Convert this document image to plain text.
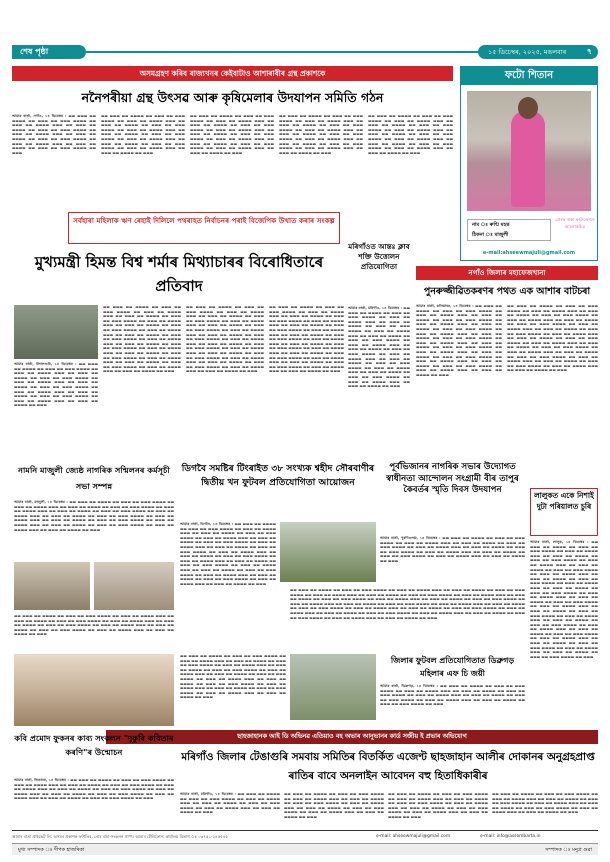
শেষ পৃষ্ঠা	১৫ ডিচেম্বৰ, ২০২৫, মঙলবাৰ	৭
অসমগ্ৰহণ কৰিব ৰাজ্যখনৰ কেইবাটাও আশাৰাবীৰ গ্ৰন্থ প্ৰকাশকে
ননৈপৰীয়া গ্ৰন্থ উৎসৱ আৰু কৃষিমেলাৰ উদযাপন সমিতি গঠন
আমাৰ বাৰ্তা, নগাঁও, ১৪ ডিচেম্বৰ : ▬▬ ▬▬▬ ▬▬ ▬▬▬▬ ▬▬ ▬▬▬ ▬▬ ▬▬▬ ▬▬▬▬ ▬▬ ▬▬▬ ▬▬ ▬▬▬▬ ▬▬▬ ▬▬ ▬▬▬ ▬▬ ▬▬▬▬ ▬▬ ▬▬▬ ▬▬ ▬▬▬ ▬▬▬▬ ▬▬ ▬▬▬ ▬▬ ▬▬▬▬ ▬▬▬ ▬▬ ▬▬▬ ▬▬ ▬▬▬▬ ▬▬ ▬▬▬ ▬▬ ▬▬▬ ▬▬▬▬ ▬▬ ▬▬▬ ▬▬ ▬▬▬▬ ▬▬▬ ▬▬ ▬▬▬ ▬▬ ▬▬▬▬ ▬▬ ▬▬▬ ▬▬ ▬▬▬ ▬▬▬▬ ▬▬ ▬▬▬
▬▬ ▬▬▬ ▬▬ ▬▬▬▬ ▬▬ ▬▬▬ ▬▬ ▬▬▬ ▬▬▬▬ ▬▬ ▬▬▬ ▬▬ ▬▬▬▬ ▬▬▬ ▬▬ ▬▬▬ ▬▬ ▬▬▬▬ ▬▬ ▬▬▬ ▬▬ ▬▬▬ ▬▬▬▬ ▬▬ ▬▬▬ ▬▬ ▬▬▬▬ ▬▬▬ ▬▬ ▬▬▬ ▬▬ ▬▬▬▬ ▬▬ ▬▬▬ ▬▬ ▬▬▬ ▬▬▬▬ ▬▬ ▬▬▬ ▬▬ ▬▬▬▬ ▬▬▬ ▬▬ ▬▬▬ ▬▬ ▬▬▬▬ ▬▬ ▬▬▬ ▬▬ ▬▬▬ ▬▬▬▬ ▬▬ ▬▬▬ ▬▬ ▬▬▬▬ ▬▬▬ ▬▬ ▬▬▬ ▬▬ ▬▬▬▬ ▬▬ ▬▬▬
▬▬ ▬▬▬ ▬▬ ▬▬▬▬ ▬▬ ▬▬▬ ▬▬ ▬▬▬ ▬▬▬▬ ▬▬ ▬▬▬ ▬▬ ▬▬▬▬ ▬▬▬ ▬▬ ▬▬▬ ▬▬ ▬▬▬▬ ▬▬ ▬▬▬ ▬▬ ▬▬▬ ▬▬▬▬ ▬▬ ▬▬▬ ▬▬ ▬▬▬▬ ▬▬▬ ▬▬ ▬▬▬ ▬▬ ▬▬▬▬ ▬▬ ▬▬▬ ▬▬ ▬▬▬ ▬▬▬▬ ▬▬ ▬▬▬ ▬▬ ▬▬▬▬ ▬▬▬ ▬▬ ▬▬▬ ▬▬ ▬▬▬▬ ▬▬ ▬▬▬ ▬▬ ▬▬▬ ▬▬▬▬ ▬▬ ▬▬▬ ▬▬ ▬▬▬▬ ▬▬▬ ▬▬ ▬▬▬ ▬▬ ▬▬▬▬ ▬▬ ▬▬▬
▬▬ ▬▬▬ ▬▬ ▬▬▬▬ ▬▬ ▬▬▬ ▬▬ ▬▬▬ ▬▬▬▬ ▬▬ ▬▬▬ ▬▬ ▬▬▬▬ ▬▬▬ ▬▬ ▬▬▬ ▬▬ ▬▬▬▬ ▬▬ ▬▬▬ ▬▬ ▬▬▬ ▬▬▬▬ ▬▬ ▬▬▬ ▬▬ ▬▬▬▬ ▬▬▬ ▬▬ ▬▬▬ ▬▬ ▬▬▬▬ ▬▬ ▬▬▬ ▬▬ ▬▬▬ ▬▬▬▬ ▬▬ ▬▬▬ ▬▬ ▬▬▬▬ ▬▬▬ ▬▬ ▬▬▬ ▬▬ ▬▬▬▬ ▬▬ ▬▬▬ ▬▬ ▬▬▬ ▬▬▬▬ ▬▬ ▬▬▬ ▬▬ ▬▬▬▬ ▬▬▬ ▬▬ ▬▬▬ ▬▬ ▬▬▬▬ ▬▬ ▬▬▬
▬▬ ▬▬▬ ▬▬ ▬▬▬▬ ▬▬ ▬▬▬ ▬▬ ▬▬▬ ▬▬▬▬ ▬▬ ▬▬▬ ▬▬ ▬▬▬▬ ▬▬▬ ▬▬ ▬▬▬ ▬▬ ▬▬▬▬ ▬▬ ▬▬▬ ▬▬ ▬▬▬ ▬▬▬▬ ▬▬ ▬▬▬ ▬▬ ▬▬▬▬ ▬▬▬ ▬▬ ▬▬▬ ▬▬ ▬▬▬▬ ▬▬ ▬▬▬ ▬▬ ▬▬▬ ▬▬▬▬ ▬▬ ▬▬▬ ▬▬ ▬▬▬▬ ▬▬▬ ▬▬ ▬▬▬ ▬▬ ▬▬▬▬ ▬▬ ▬▬▬ ▬▬ ▬▬▬ ▬▬▬▬ ▬▬ ▬▬▬ ▬▬ ▬▬▬▬ ▬▬▬ ▬▬ ▬▬▬ ▬▬ ▬▬▬▬ ▬▬ ▬▬▬
ফটো শিতান
নাম ঃ ৰুণ্মি মহন্ত
ঠিকনা ঃ মাজুলী
প্ৰেৰক ৰাকা ফাউণ্ডেশ্যন আলোকচিত্ৰ
e-mail:ahseewmajuli@gmail.com
সৰ্বহাৰা মহিলাক ঋণ ৰেহাই দিলিলে পথৰাহত নিৰ্বাচনৰ পৰাই বিজেপিক উখাত কৰাৰ সংকল্প
মুখ্যমন্ত্ৰী হিমন্ত বিশ্ব শৰ্মাৰ মিথ্যাচাৰৰ বিৰোধিতাৰে প্ৰতিবাদ
আমাৰ বাৰ্তা, উদালগুৰি, ১৪ ডিচেম্বৰ : ▬▬ ▬▬▬ ▬▬ ▬▬▬▬ ▬▬ ▬▬▬ ▬▬ ▬▬▬ ▬▬▬▬ ▬▬ ▬▬▬ ▬▬ ▬▬▬▬ ▬▬▬ ▬▬ ▬▬▬ ▬▬ ▬▬▬▬ ▬▬ ▬▬▬ ▬▬ ▬▬▬ ▬▬▬▬ ▬▬ ▬▬▬ ▬▬ ▬▬▬▬ ▬▬▬ ▬▬ ▬▬▬ ▬▬ ▬▬▬▬ ▬▬ ▬▬▬ ▬▬ ▬▬▬ ▬▬▬▬ ▬▬ ▬▬▬ ▬▬ ▬▬▬▬ ▬▬▬ ▬▬ ▬▬▬ ▬▬ ▬▬▬▬ ▬▬ ▬▬▬ ▬▬ ▬▬▬ ▬▬▬▬ ▬▬ ▬▬▬ ▬▬ ▬▬▬▬ ▬▬▬ ▬▬ ▬▬▬ ▬▬ ▬▬▬▬ ▬▬ ▬▬▬
▬▬ ▬▬▬ ▬▬ ▬▬▬▬ ▬▬ ▬▬▬ ▬▬ ▬▬▬ ▬▬▬▬ ▬▬ ▬▬▬ ▬▬ ▬▬▬▬ ▬▬▬ ▬▬ ▬▬▬ ▬▬ ▬▬▬▬ ▬▬ ▬▬▬ ▬▬ ▬▬▬ ▬▬▬▬ ▬▬ ▬▬▬ ▬▬ ▬▬▬▬ ▬▬▬ ▬▬ ▬▬▬ ▬▬ ▬▬▬▬ ▬▬ ▬▬▬ ▬▬ ▬▬▬ ▬▬▬▬ ▬▬ ▬▬▬ ▬▬ ▬▬▬▬ ▬▬▬ ▬▬ ▬▬▬ ▬▬ ▬▬▬▬ ▬▬ ▬▬▬ ▬▬ ▬▬▬ ▬▬▬▬ ▬▬ ▬▬▬ ▬▬ ▬▬▬▬ ▬▬▬ ▬▬ ▬▬▬ ▬▬ ▬▬▬▬ ▬▬ ▬▬▬ ▬▬ ▬▬▬ ▬▬▬▬ ▬▬ ▬▬▬ ▬▬ ▬▬▬▬ ▬▬▬ ▬▬ ▬▬▬ ▬▬ ▬▬▬▬ ▬▬ ▬▬▬ ▬▬ ▬▬▬ ▬▬▬▬ ▬▬ ▬▬▬ ▬▬ ▬▬▬▬ ▬▬▬ ▬▬ ▬▬▬ ▬▬ ▬▬▬▬ ▬▬ ▬▬▬ ▬▬ ▬▬▬ ▬▬▬▬ ▬▬ ▬▬▬ ▬▬ ▬▬▬▬ ▬▬▬ ▬▬ ▬▬▬ ▬▬ ▬▬▬▬ ▬▬ ▬▬▬
▬▬ ▬▬▬ ▬▬ ▬▬▬▬ ▬▬ ▬▬▬ ▬▬ ▬▬▬ ▬▬▬▬ ▬▬ ▬▬▬ ▬▬ ▬▬▬▬ ▬▬▬ ▬▬ ▬▬▬ ▬▬ ▬▬▬▬ ▬▬ ▬▬▬ ▬▬ ▬▬▬ ▬▬▬▬ ▬▬ ▬▬▬ ▬▬ ▬▬▬▬ ▬▬▬ ▬▬ ▬▬▬ ▬▬ ▬▬▬▬ ▬▬ ▬▬▬ ▬▬ ▬▬▬ ▬▬▬▬ ▬▬ ▬▬▬ ▬▬ ▬▬▬▬ ▬▬▬ ▬▬ ▬▬▬ ▬▬ ▬▬▬▬ ▬▬ ▬▬▬ ▬▬ ▬▬▬ ▬▬▬▬ ▬▬ ▬▬▬ ▬▬ ▬▬▬▬ ▬▬▬ ▬▬ ▬▬▬ ▬▬ ▬▬▬▬ ▬▬ ▬▬▬ ▬▬ ▬▬▬ ▬▬▬▬ ▬▬ ▬▬▬ ▬▬ ▬▬▬▬ ▬▬▬ ▬▬ ▬▬▬ ▬▬ ▬▬▬▬ ▬▬ ▬▬▬ ▬▬ ▬▬▬ ▬▬▬▬ ▬▬ ▬▬▬ ▬▬ ▬▬▬▬ ▬▬▬ ▬▬ ▬▬▬ ▬▬ ▬▬▬▬ ▬▬ ▬▬▬ ▬▬ ▬▬▬ ▬▬▬▬ ▬▬ ▬▬▬ ▬▬ ▬▬▬▬ ▬▬▬ ▬▬ ▬▬▬ ▬▬ ▬▬▬▬ ▬▬ ▬▬▬
▬▬ ▬▬▬ ▬▬ ▬▬▬▬ ▬▬ ▬▬▬ ▬▬ ▬▬▬ ▬▬▬▬ ▬▬ ▬▬▬ ▬▬ ▬▬▬▬ ▬▬▬ ▬▬ ▬▬▬ ▬▬ ▬▬▬▬ ▬▬ ▬▬▬ ▬▬ ▬▬▬ ▬▬▬▬ ▬▬ ▬▬▬ ▬▬ ▬▬▬▬ ▬▬▬ ▬▬ ▬▬▬ ▬▬ ▬▬▬▬ ▬▬ ▬▬▬ ▬▬ ▬▬▬ ▬▬▬▬ ▬▬ ▬▬▬ ▬▬ ▬▬▬▬ ▬▬▬ ▬▬ ▬▬▬ ▬▬ ▬▬▬▬ ▬▬ ▬▬▬ ▬▬ ▬▬▬ ▬▬▬▬ ▬▬ ▬▬▬ ▬▬ ▬▬▬▬ ▬▬▬ ▬▬ ▬▬▬ ▬▬ ▬▬▬▬ ▬▬ ▬▬▬ ▬▬ ▬▬▬ ▬▬▬▬ ▬▬ ▬▬▬ ▬▬ ▬▬▬▬ ▬▬▬ ▬▬ ▬▬▬ ▬▬ ▬▬▬▬ ▬▬ ▬▬▬ ▬▬ ▬▬▬ ▬▬▬▬ ▬▬ ▬▬▬ ▬▬ ▬▬▬▬ ▬▬▬ ▬▬ ▬▬▬ ▬▬ ▬▬▬▬ ▬▬ ▬▬▬ ▬▬ ▬▬▬ ▬▬▬▬ ▬▬ ▬▬▬ ▬▬ ▬▬▬▬ ▬▬▬ ▬▬ ▬▬▬ ▬▬ ▬▬▬▬ ▬▬ ▬▬▬
মৰিগাঁওত আন্তঃ ক্লাব শক্তি উত্তোলন প্ৰতিযোগিতা
আমাৰ বাৰ্তা, মৰিগাঁও, ১৪ ডিচেম্বৰ : ▬▬ ▬▬▬ ▬▬ ▬▬▬▬ ▬▬ ▬▬▬ ▬▬ ▬▬▬ ▬▬▬▬ ▬▬ ▬▬▬ ▬▬ ▬▬▬▬ ▬▬▬ ▬▬ ▬▬▬ ▬▬ ▬▬▬▬ ▬▬ ▬▬▬ ▬▬ ▬▬▬ ▬▬▬▬ ▬▬ ▬▬▬ ▬▬ ▬▬▬▬ ▬▬▬ ▬▬ ▬▬▬ ▬▬ ▬▬▬▬ ▬▬ ▬▬▬ ▬▬ ▬▬▬ ▬▬▬▬ ▬▬ ▬▬▬ ▬▬ ▬▬▬▬ ▬▬▬ ▬▬ ▬▬▬ ▬▬ ▬▬▬▬ ▬▬ ▬▬▬ ▬▬ ▬▬▬ ▬▬▬▬ ▬▬ ▬▬▬ ▬▬ ▬▬▬▬ ▬▬▬ ▬▬ ▬▬▬ ▬▬ ▬▬▬▬ ▬▬ ▬▬▬ ▬▬ ▬▬▬ ▬▬▬▬ ▬▬ ▬▬▬ ▬▬ ▬▬▬▬ ▬▬▬ ▬▬ ▬▬▬ ▬▬ ▬▬▬▬ ▬▬ ▬▬▬ ▬▬ ▬▬▬ ▬▬▬▬ ▬▬ ▬▬▬ ▬▬ ▬▬▬▬ ▬▬▬ ▬▬ ▬▬▬ ▬▬ ▬▬▬▬ ▬▬ ▬▬▬
নগাঁও জিলাৰ মহাফেজখানা
পুনৰুজ্জীৱিতকৰণৰ পথত এক আশাৰ বাটচৰা
আমাৰ বাৰ্তা, কলিয়াবৰ, ১৪ ডিচেম্বৰ : ▬▬ ▬▬▬ ▬▬ ▬▬▬▬ ▬▬ ▬▬▬ ▬▬ ▬▬▬ ▬▬▬▬ ▬▬ ▬▬▬ ▬▬ ▬▬▬▬ ▬▬▬ ▬▬ ▬▬▬ ▬▬ ▬▬▬▬ ▬▬ ▬▬▬ ▬▬ ▬▬▬ ▬▬▬▬ ▬▬ ▬▬▬ ▬▬ ▬▬▬▬ ▬▬▬ ▬▬ ▬▬▬ ▬▬ ▬▬▬▬ ▬▬ ▬▬▬ ▬▬ ▬▬▬ ▬▬▬▬ ▬▬ ▬▬▬ ▬▬ ▬▬▬▬ ▬▬▬ ▬▬ ▬▬▬ ▬▬ ▬▬▬▬ ▬▬ ▬▬▬ ▬▬ ▬▬▬ ▬▬▬▬ ▬▬ ▬▬▬ ▬▬ ▬▬▬▬ ▬▬▬ ▬▬ ▬▬▬ ▬▬ ▬▬▬▬ ▬▬ ▬▬▬ ▬▬ ▬▬▬ ▬▬▬▬ ▬▬ ▬▬▬ ▬▬ ▬▬▬▬ ▬▬▬ ▬▬ ▬▬▬ ▬▬ ▬▬▬▬ ▬▬ ▬▬▬ ▬▬ ▬▬▬ ▬▬▬▬ ▬▬ ▬▬▬ ▬▬ ▬▬▬▬ ▬▬▬ ▬▬ ▬▬▬ ▬▬ ▬▬▬▬ ▬▬ ▬▬▬ ▬▬ ▬▬▬ ▬▬▬▬ ▬▬ ▬▬▬ ▬▬ ▬▬▬▬ ▬▬▬ ▬▬ ▬▬▬ ▬▬ ▬▬▬▬ ▬▬ ▬▬▬
▬▬ ▬▬▬ ▬▬ ▬▬▬▬ ▬▬ ▬▬▬ ▬▬ ▬▬▬ ▬▬▬▬ ▬▬ ▬▬▬ ▬▬ ▬▬▬▬ ▬▬▬ ▬▬ ▬▬▬ ▬▬ ▬▬▬▬ ▬▬ ▬▬▬ ▬▬ ▬▬▬ ▬▬▬▬ ▬▬ ▬▬▬ ▬▬ ▬▬▬▬ ▬▬▬ ▬▬ ▬▬▬ ▬▬ ▬▬▬▬ ▬▬ ▬▬▬ ▬▬ ▬▬▬ ▬▬▬▬ ▬▬ ▬▬▬ ▬▬ ▬▬▬▬ ▬▬▬ ▬▬ ▬▬▬ ▬▬ ▬▬▬▬ ▬▬ ▬▬▬ ▬▬ ▬▬▬ ▬▬▬▬ ▬▬ ▬▬▬ ▬▬ ▬▬▬▬ ▬▬▬ ▬▬ ▬▬▬ ▬▬ ▬▬▬▬ ▬▬ ▬▬▬ ▬▬ ▬▬▬ ▬▬▬▬ ▬▬ ▬▬▬ ▬▬ ▬▬▬▬ ▬▬▬ ▬▬ ▬▬▬ ▬▬ ▬▬▬▬ ▬▬ ▬▬▬ ▬▬ ▬▬▬ ▬▬▬▬ ▬▬ ▬▬▬ ▬▬ ▬▬▬▬ ▬▬▬ ▬▬ ▬▬▬ ▬▬ ▬▬▬▬ ▬▬ ▬▬▬ ▬▬ ▬▬▬ ▬▬▬▬ ▬▬ ▬▬▬ ▬▬ ▬▬▬▬ ▬▬▬ ▬▬ ▬▬▬ ▬▬ ▬▬▬▬ ▬▬ ▬▬▬ ▬▬ ▬▬▬ ▬▬▬▬ ▬▬ ▬▬▬ ▬▬ ▬▬▬▬ ▬▬▬ ▬▬ ▬▬▬ ▬▬ ▬▬▬▬ ▬▬ ▬▬▬
পূৰ্বভিজানৰ নাগৰিক সভাৰ উদ্যোগত স্বাধীনতা আন্দোলন সংগ্ৰামী বীৰ তাপুৰ কৈবৰ্তৰ স্মৃতি দিবস উদযাপন
আমাৰ বাৰ্তা, পুৰণিগুদাম, ১৪ ডিচেম্বৰ : ▬▬ ▬▬▬ ▬▬ ▬▬▬▬ ▬▬ ▬▬▬ ▬▬ ▬▬▬ ▬▬▬▬ ▬▬ ▬▬▬ ▬▬ ▬▬▬▬ ▬▬▬ ▬▬ ▬▬▬ ▬▬ ▬▬▬▬ ▬▬ ▬▬▬ ▬▬ ▬▬▬ ▬▬▬▬ ▬▬ ▬▬▬ ▬▬ ▬▬▬▬ ▬▬▬ ▬▬ ▬▬▬ ▬▬ ▬▬▬▬ ▬▬ ▬▬▬ ▬▬ ▬▬▬ ▬▬▬▬ ▬▬ ▬▬▬ ▬▬ ▬▬▬▬ ▬▬▬ ▬▬ ▬▬▬ ▬▬ ▬▬▬▬ ▬▬ ▬▬▬ ▬▬ ▬▬▬ ▬▬▬▬ ▬▬ ▬▬▬ ▬▬ ▬▬▬▬ ▬▬▬ ▬▬ ▬▬▬ ▬▬ ▬▬▬▬ ▬▬ ▬▬▬
▬▬ ▬▬▬ ▬▬ ▬▬▬▬ ▬▬ ▬▬▬ ▬▬ ▬▬▬ ▬▬▬▬ ▬▬ ▬▬▬ ▬▬ ▬▬▬▬ ▬▬▬ ▬▬ ▬▬▬ ▬▬ ▬▬▬▬ ▬▬ ▬▬▬ ▬▬ ▬▬▬ ▬▬▬▬ ▬▬ ▬▬▬ ▬▬ ▬▬▬▬ ▬▬▬ ▬▬ ▬▬▬ ▬▬ ▬▬▬▬ ▬▬ ▬▬▬ ▬▬ ▬▬▬ ▬▬▬▬ ▬▬ ▬▬▬ ▬▬ ▬▬▬▬ ▬▬▬ ▬▬ ▬▬▬ ▬▬ ▬▬▬▬ ▬▬ ▬▬▬ ▬▬ ▬▬▬ ▬▬▬▬ ▬▬ ▬▬▬ ▬▬ ▬▬▬▬ ▬▬▬ ▬▬ ▬▬▬ ▬▬ ▬▬▬▬ ▬▬ ▬▬▬ ▬▬ ▬▬▬ ▬▬▬▬ ▬▬ ▬▬▬ ▬▬ ▬▬▬▬ ▬▬▬ ▬▬ ▬▬▬ ▬▬ ▬▬▬▬ ▬▬ ▬▬▬ ▬▬ ▬▬▬ ▬▬▬▬ ▬▬ ▬▬▬ ▬▬ ▬▬▬▬ ▬▬▬ ▬▬ ▬▬▬ ▬▬ ▬▬▬▬ ▬▬ ▬▬▬ ▬▬ ▬▬▬ ▬▬▬▬ ▬▬ ▬▬▬ ▬▬ ▬▬▬▬ ▬▬▬ ▬▬ ▬▬▬ ▬▬ ▬▬▬▬ ▬▬ ▬▬▬ ▬▬ ▬▬▬ ▬▬▬▬ ▬▬ ▬▬▬ ▬▬ ▬▬▬▬ ▬▬▬ ▬▬ ▬▬▬ ▬▬ ▬▬▬▬ ▬▬ ▬▬▬ ▬▬ ▬▬▬ ▬▬▬▬ ▬▬ ▬▬▬ ▬▬ ▬▬▬▬ ▬▬▬ ▬▬ ▬▬▬ ▬▬ ▬▬▬▬ ▬▬ ▬▬▬ ▬▬ ▬▬▬ ▬▬▬▬ ▬▬ ▬▬▬ ▬▬ ▬▬▬▬ ▬▬▬ ▬▬ ▬▬▬ ▬▬ ▬▬▬▬ ▬▬ ▬▬▬
লালুকত একে নিশাই দুটা পৰিয়ালত চুৰি
আমাৰ বাৰ্তা, লালুক, ১৪ ডিচেম্বৰ : ▬▬ ▬▬▬ ▬▬ ▬▬▬▬ ▬▬ ▬▬▬ ▬▬ ▬▬▬ ▬▬▬▬ ▬▬ ▬▬▬ ▬▬ ▬▬▬▬ ▬▬▬ ▬▬ ▬▬▬ ▬▬ ▬▬▬▬ ▬▬ ▬▬▬ ▬▬ ▬▬▬ ▬▬▬▬ ▬▬ ▬▬▬ ▬▬ ▬▬▬▬ ▬▬▬ ▬▬ ▬▬▬ ▬▬ ▬▬▬▬ ▬▬ ▬▬▬ ▬▬ ▬▬▬ ▬▬▬▬ ▬▬ ▬▬▬ ▬▬ ▬▬▬▬ ▬▬▬ ▬▬ ▬▬▬ ▬▬ ▬▬▬▬ ▬▬ ▬▬▬ ▬▬ ▬▬▬ ▬▬▬▬ ▬▬ ▬▬▬ ▬▬ ▬▬▬▬ ▬▬▬ ▬▬ ▬▬▬ ▬▬ ▬▬▬▬ ▬▬ ▬▬▬ ▬▬ ▬▬▬ ▬▬▬▬ ▬▬ ▬▬▬ ▬▬ ▬▬▬▬ ▬▬▬ ▬▬ ▬▬▬ ▬▬ ▬▬▬▬ ▬▬ ▬▬▬ ▬▬ ▬▬▬ ▬▬▬▬ ▬▬ ▬▬▬ ▬▬ ▬▬▬▬ ▬▬▬ ▬▬ ▬▬▬ ▬▬ ▬▬▬▬ ▬▬ ▬▬▬ ▬▬ ▬▬▬ ▬▬▬▬ ▬▬ ▬▬▬ ▬▬ ▬▬▬▬ ▬▬▬ ▬▬ ▬▬▬ ▬▬ ▬▬▬▬ ▬▬ ▬▬▬ ▬▬ ▬▬▬ ▬▬▬▬ ▬▬ ▬▬▬ ▬▬ ▬▬▬▬ ▬▬▬ ▬▬ ▬▬▬ ▬▬ ▬▬▬▬ ▬▬ ▬▬▬ ▬▬ ▬▬▬ ▬▬▬▬ ▬▬ ▬▬▬ ▬▬ ▬▬▬▬ ▬▬▬ ▬▬ ▬▬▬ ▬▬ ▬▬▬▬ ▬▬ ▬▬▬ ▬▬ ▬▬▬ ▬▬▬▬ ▬▬ ▬▬▬ ▬▬ ▬▬▬▬ ▬▬▬ ▬▬ ▬▬▬ ▬▬ ▬▬▬▬ ▬▬ ▬▬▬ ▬▬ ▬▬▬ ▬▬▬▬ ▬▬ ▬▬▬
নামনি মাজুলী জ্যেষ্ঠ নাগৰিক সন্মিলনৰ কৰ্মসূচী সভা সম্পন্ন
আমাৰ বাৰ্তা, মাজুলী, ১৪ ডিচেম্বৰ : ▬▬ ▬▬▬ ▬▬ ▬▬▬▬ ▬▬ ▬▬▬ ▬▬ ▬▬▬ ▬▬▬▬ ▬▬ ▬▬▬ ▬▬ ▬▬▬▬ ▬▬▬ ▬▬ ▬▬▬ ▬▬ ▬▬▬▬ ▬▬ ▬▬▬ ▬▬ ▬▬▬ ▬▬▬▬ ▬▬ ▬▬▬ ▬▬ ▬▬▬▬ ▬▬▬ ▬▬ ▬▬▬ ▬▬ ▬▬▬▬ ▬▬ ▬▬▬ ▬▬ ▬▬▬ ▬▬▬▬ ▬▬ ▬▬▬ ▬▬ ▬▬▬▬ ▬▬▬ ▬▬ ▬▬▬ ▬▬ ▬▬▬▬ ▬▬ ▬▬▬ ▬▬ ▬▬▬ ▬▬▬▬ ▬▬ ▬▬▬ ▬▬ ▬▬▬▬ ▬▬▬ ▬▬ ▬▬▬ ▬▬ ▬▬▬▬ ▬▬ ▬▬▬ ▬▬ ▬▬▬ ▬▬▬▬ ▬▬ ▬▬▬ ▬▬ ▬▬▬▬ ▬▬▬ ▬▬ ▬▬▬ ▬▬ ▬▬▬▬ ▬▬ ▬▬▬ ▬▬ ▬▬▬ ▬▬▬▬ ▬▬ ▬▬▬ ▬▬ ▬▬▬▬ ▬▬▬ ▬▬ ▬▬▬ ▬▬ ▬▬▬▬ ▬▬ ▬▬▬
▬▬ ▬▬▬ ▬▬ ▬▬▬▬ ▬▬ ▬▬▬ ▬▬ ▬▬▬ ▬▬▬▬ ▬▬ ▬▬▬ ▬▬ ▬▬▬▬ ▬▬▬ ▬▬ ▬▬▬ ▬▬ ▬▬▬▬ ▬▬ ▬▬▬ ▬▬ ▬▬▬ ▬▬▬▬ ▬▬ ▬▬▬ ▬▬ ▬▬▬▬ ▬▬▬ ▬▬ ▬▬▬ ▬▬ ▬▬▬▬ ▬▬ ▬▬▬ ▬▬ ▬▬▬ ▬▬▬▬ ▬▬ ▬▬▬ ▬▬ ▬▬▬▬ ▬▬▬ ▬▬ ▬▬▬ ▬▬ ▬▬▬▬ ▬▬ ▬▬▬ ▬▬ ▬▬▬ ▬▬▬▬ ▬▬ ▬▬▬ ▬▬ ▬▬▬▬ ▬▬▬ ▬▬ ▬▬▬ ▬▬ ▬▬▬▬ ▬▬ ▬▬▬
ডিগবৈ সমষ্টিৰ টিংৰাইত ৩৮ সংখ্যক শ্বহীদ সৌৰবাণীৰ দ্বিতীয় খন ফুটবল প্ৰতিযোগিতা আয়োজন
আমাৰ বাৰ্তা, ডিগবৈ, ১৩ ডিচেম্বৰ : ▬▬ ▬▬▬ ▬▬ ▬▬▬▬ ▬▬ ▬▬▬ ▬▬ ▬▬▬ ▬▬▬▬ ▬▬ ▬▬▬ ▬▬ ▬▬▬▬ ▬▬▬ ▬▬ ▬▬▬ ▬▬ ▬▬▬▬ ▬▬ ▬▬▬ ▬▬ ▬▬▬ ▬▬▬▬ ▬▬ ▬▬▬ ▬▬ ▬▬▬▬ ▬▬▬ ▬▬ ▬▬▬ ▬▬ ▬▬▬▬ ▬▬ ▬▬▬ ▬▬ ▬▬▬ ▬▬▬▬ ▬▬ ▬▬▬ ▬▬ ▬▬▬▬ ▬▬▬ ▬▬ ▬▬▬ ▬▬ ▬▬▬▬ ▬▬ ▬▬▬ ▬▬ ▬▬▬ ▬▬▬▬ ▬▬ ▬▬▬ ▬▬ ▬▬▬▬ ▬▬▬ ▬▬ ▬▬▬ ▬▬ ▬▬▬▬ ▬▬ ▬▬▬ ▬▬ ▬▬▬ ▬▬▬▬ ▬▬ ▬▬▬ ▬▬ ▬▬▬▬ ▬▬▬ ▬▬ ▬▬▬ ▬▬ ▬▬▬▬ ▬▬ ▬▬▬ ▬▬ ▬▬▬ ▬▬▬▬ ▬▬ ▬▬▬ ▬▬ ▬▬▬▬ ▬▬▬ ▬▬ ▬▬▬ ▬▬ ▬▬▬▬ ▬▬ ▬▬▬ ▬▬ ▬▬▬ ▬▬▬▬ ▬▬ ▬▬▬ ▬▬ ▬▬▬▬ ▬▬▬ ▬▬ ▬▬▬ ▬▬ ▬▬▬▬ ▬▬ ▬▬▬ ▬▬ ▬▬▬ ▬▬▬▬ ▬▬ ▬▬▬ ▬▬ ▬▬▬▬ ▬▬▬ ▬▬ ▬▬▬ ▬▬ ▬▬▬▬ ▬▬ ▬▬▬
জিলাৰ ফুটবল প্ৰতিযোগিতাত ডিব্ৰুগড় মহিলাৰ এফ চি জয়ী
আমাৰ বাৰ্তা, ডিব্ৰুগড়, ১৪ ডিচেম্বৰ : ▬▬ ▬▬▬ ▬▬ ▬▬▬▬ ▬▬ ▬▬▬ ▬▬ ▬▬▬ ▬▬▬▬ ▬▬ ▬▬▬ ▬▬ ▬▬▬▬ ▬▬▬ ▬▬ ▬▬▬ ▬▬ ▬▬▬▬ ▬▬ ▬▬▬ ▬▬ ▬▬▬ ▬▬▬▬ ▬▬ ▬▬▬ ▬▬ ▬▬▬▬ ▬▬▬ ▬▬ ▬▬▬ ▬▬ ▬▬▬▬ ▬▬ ▬▬▬ ▬▬ ▬▬▬ ▬▬▬▬ ▬▬ ▬▬▬ ▬▬ ▬▬▬▬ ▬▬▬ ▬▬ ▬▬▬ ▬▬ ▬▬▬▬ ▬▬ ▬▬▬ ▬▬ ▬▬▬ ▬▬▬▬ ▬▬ ▬▬▬
▬▬ ▬▬▬ ▬▬ ▬▬▬▬ ▬▬ ▬▬▬ ▬▬ ▬▬▬ ▬▬▬▬ ▬▬ ▬▬▬ ▬▬ ▬▬▬▬ ▬▬▬ ▬▬ ▬▬▬ ▬▬ ▬▬▬▬ ▬▬ ▬▬▬ ▬▬ ▬▬▬ ▬▬▬▬ ▬▬ ▬▬▬ ▬▬ ▬▬▬▬ ▬▬▬ ▬▬ ▬▬▬ ▬▬ ▬▬▬▬ ▬▬ ▬▬▬ ▬▬ ▬▬▬ ▬▬▬▬ ▬▬ ▬▬▬ ▬▬ ▬▬▬▬ ▬▬▬ ▬▬ ▬▬▬ ▬▬ ▬▬▬▬ ▬▬ ▬▬▬ ▬▬ ▬▬▬ ▬▬▬▬ ▬▬ ▬▬▬ ▬▬ ▬▬▬▬ ▬▬▬ ▬▬ ▬▬▬ ▬▬ ▬▬▬▬ ▬▬ ▬▬▬ ▬▬ ▬▬▬ ▬▬▬▬ ▬▬ ▬▬▬ ▬▬ ▬▬▬▬ ▬▬▬ ▬▬ ▬▬▬ ▬▬ ▬▬▬▬ ▬▬ ▬▬▬ ▬▬ ▬▬▬ ▬▬▬▬ ▬▬ ▬▬▬ ▬▬ ▬▬▬▬ ▬▬▬ ▬▬ ▬▬▬ ▬▬ ▬▬▬▬ ▬▬ ▬▬▬
ছাহজাহানক আই ডি অভিনৱ এতিয়াও বহ অভাৰ আনুভানৰ কাৰ্ড সজীয় ই প্ৰভাৰ অভিযোগ
মৰিগাঁও জিলাৰ টেঙাগুৰি সমবায় সমিতিৰ বিতৰ্কিত এজেণ্ট ছাহজাহান আলীৰ দোকানৰ অনুগ্ৰহপ্ৰাপ্ত ৰাতিৰ বাবে অনলাইন আবেদন বহু হিতাধিকাৰীৰ
কবি প্ৰমোদ ফুকনৰ কাব্য সংকলন "দুকুৰি কবিতাৰ কৰণি"ৰ উন্মোচন
আমাৰ বাৰ্তা, তিতাবৰ, ১৪ ডিচেম্বৰ : ▬▬ ▬▬▬ ▬▬ ▬▬▬▬ ▬▬ ▬▬▬ ▬▬ ▬▬▬ ▬▬▬▬ ▬▬ ▬▬▬ ▬▬ ▬▬▬▬ ▬▬▬ ▬▬ ▬▬▬ ▬▬ ▬▬▬▬ ▬▬ ▬▬▬ ▬▬ ▬▬▬ ▬▬▬▬ ▬▬ ▬▬▬ ▬▬ ▬▬▬▬ ▬▬▬ ▬▬ ▬▬▬ ▬▬ ▬▬▬▬ ▬▬ ▬▬▬ ▬▬ ▬▬▬ ▬▬▬▬ ▬▬ ▬▬▬ ▬▬ ▬▬▬▬ ▬▬▬ ▬▬ ▬▬▬ ▬▬ ▬▬▬▬ ▬▬ ▬▬▬ ▬▬ ▬▬▬ ▬▬▬▬ ▬▬ ▬▬▬ ▬▬ ▬▬▬▬ ▬▬▬ ▬▬ ▬▬▬ ▬▬ ▬▬▬▬ ▬▬ ▬▬▬ ▬▬ ▬▬▬ ▬▬▬▬ ▬▬ ▬▬▬
আমাৰ বাৰ্তা, মৰিগাঁও, ১৪ ডিচেম্বৰ : ▬▬ ▬▬▬ ▬▬ ▬▬▬▬ ▬▬ ▬▬▬ ▬▬ ▬▬▬ ▬▬▬▬ ▬▬ ▬▬▬ ▬▬ ▬▬▬▬ ▬▬▬ ▬▬ ▬▬▬ ▬▬ ▬▬▬▬ ▬▬ ▬▬▬ ▬▬ ▬▬▬ ▬▬▬▬ ▬▬ ▬▬▬ ▬▬ ▬▬▬▬ ▬▬▬ ▬▬ ▬▬▬ ▬▬ ▬▬▬▬ ▬▬ ▬▬▬
▬▬ ▬▬▬ ▬▬ ▬▬▬▬ ▬▬ ▬▬▬ ▬▬ ▬▬▬ ▬▬▬▬ ▬▬ ▬▬▬ ▬▬ ▬▬▬▬ ▬▬▬ ▬▬ ▬▬▬ ▬▬ ▬▬▬▬ ▬▬ ▬▬▬ ▬▬ ▬▬▬ ▬▬▬▬ ▬▬ ▬▬▬ ▬▬ ▬▬▬▬ ▬▬▬ ▬▬ ▬▬▬ ▬▬ ▬▬▬▬ ▬▬ ▬▬▬ ▬▬ ▬▬▬ ▬▬▬▬ ▬▬ ▬▬▬ ▬▬ ▬▬▬▬ ▬▬▬ ▬▬ ▬▬▬ ▬▬ ▬▬▬▬ ▬▬ ▬▬▬
▬▬ ▬▬▬ ▬▬ ▬▬▬▬ ▬▬ ▬▬▬ ▬▬ ▬▬▬ ▬▬▬▬ ▬▬ ▬▬▬ ▬▬ ▬▬▬▬ ▬▬▬ ▬▬ ▬▬▬ ▬▬ ▬▬▬▬ ▬▬ ▬▬▬ ▬▬ ▬▬▬ ▬▬▬▬ ▬▬ ▬▬▬ ▬▬ ▬▬▬▬ ▬▬▬ ▬▬ ▬▬▬ ▬▬ ▬▬▬▬ ▬▬ ▬▬▬ ▬▬ ▬▬▬ ▬▬▬▬ ▬▬ ▬▬▬ ▬▬ ▬▬▬▬ ▬▬▬ ▬▬ ▬▬▬ ▬▬ ▬▬▬▬ ▬▬ ▬▬▬
▬▬ ▬▬▬ ▬▬ ▬▬▬▬ ▬▬ ▬▬▬ ▬▬ ▬▬▬ ▬▬▬▬ ▬▬ ▬▬▬ ▬▬ ▬▬▬▬ ▬▬▬ ▬▬ ▬▬▬ ▬▬ ▬▬▬▬ ▬▬ ▬▬▬ ▬▬ ▬▬▬ ▬▬▬▬ ▬▬ ▬▬▬ ▬▬ ▬▬▬▬ ▬▬▬ ▬▬ ▬▬▬ ▬▬ ▬▬▬▬ ▬▬ ▬▬▬ ▬▬ ▬▬▬ ▬▬▬▬ ▬▬ ▬▬▬ ▬▬ ▬▬▬▬ ▬▬▬ ▬▬ ▬▬▬ ▬▬ ▬▬▬▬ ▬▬ ▬▬▬
আমাৰ বাৰ্তা প্ৰাইভেট লি: অসমৰ প্ৰকাশক ফৰ্ণিতিব, নোৰ বাচা-সংকলন প্ৰাপ্য। আমাৰ টেলিফোন: কাৰ্যালয় বিভাগ ঃ ০৩৭৫১-২৪৫৫৪৫	e-mail: ahseewmajuli@gmail.com	e-mail: info@assombarta.in
মুখ্য সম্পাদক ঃ দীপক হাজৰিকা	সম্পাদক ঃ মনুপ্ৰ গুৱা
